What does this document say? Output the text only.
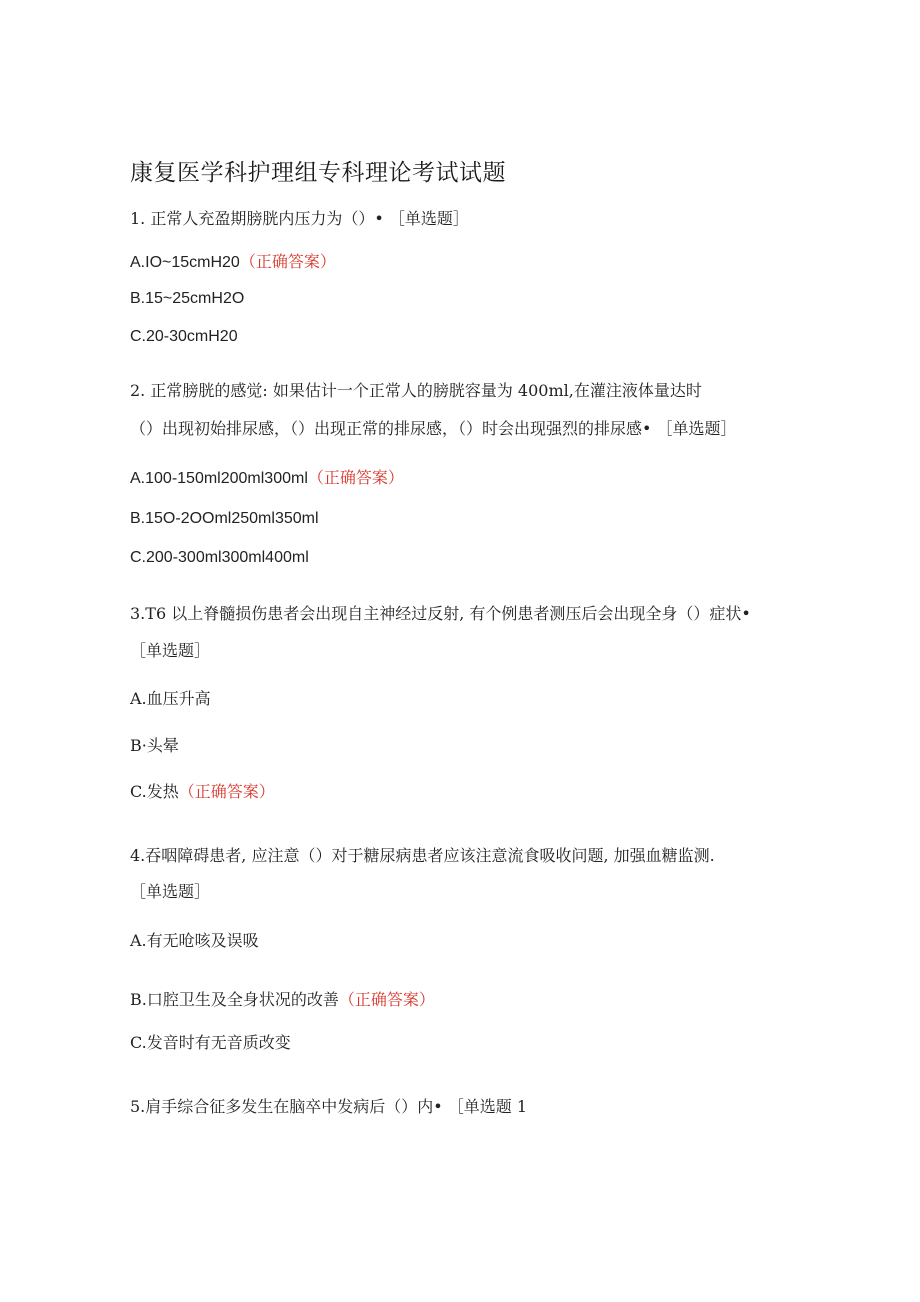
康复医学科护理组专科理论考试试题
1. 正常人充盈期膀胱内压力为（）• ［单选题］
A.IO~15cmH20（正确答案）
B.15~25cmH2O
C.20-30cmH20
2. 正常膀胱的感觉: 如果估计一个正常人的膀胱容量为 400ml,在灌注液体量达时
（）出现初始排尿感，（）出现正常的排尿感，（）时会出现强烈的排尿感• ［单选题］
A.100-150ml200ml300ml（正确答案）
B.15O-2OOml250ml350ml
C.200-300ml300ml400ml
3.T6 以上脊髓损伤患者会出现自主神经过反射, 有个例患者测压后会出现全身（）症状•
［单选题］
A.血压升高
B·头晕
C.发热（正确答案）
4.吞咽障碍患者, 应注意（）对于糖尿病患者应该注意流食吸收问题, 加强血糖监测.
［单选题］
A.有无呛咳及误吸
B.口腔卫生及全身状况的改善（正确答案）
C.发音时有无音质改变
5.肩手综合征多发生在脑卒中发病后（）内• ［单选题 1
